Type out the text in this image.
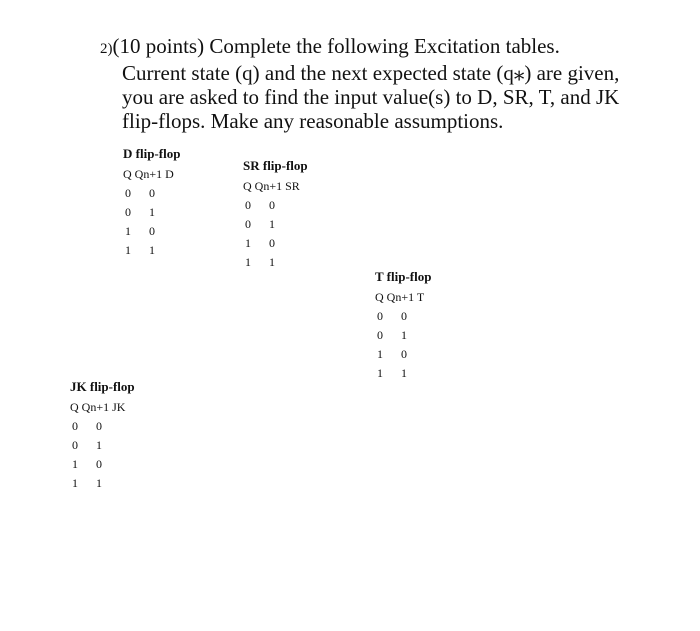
2)(10 points) Complete the following Excitation tables.
Current state (q) and the next expected state (q⁎) are given,
you are asked to find the input value(s) to D, SR, T, and JK
flip-flops. Make any reasonable assumptions.
D flip-flop
Q Qn+1 D
0 0
0 1
1 0
1 1
SR flip-flop
Q Qn+1 SR
0 0
0 1
1 0
1 1
T flip-flop
Q Qn+1 T
0 0
0 1
1 0
1 1
JK flip-flop
Q Qn+1 JK
0 0
0 1
1 0
1 1
